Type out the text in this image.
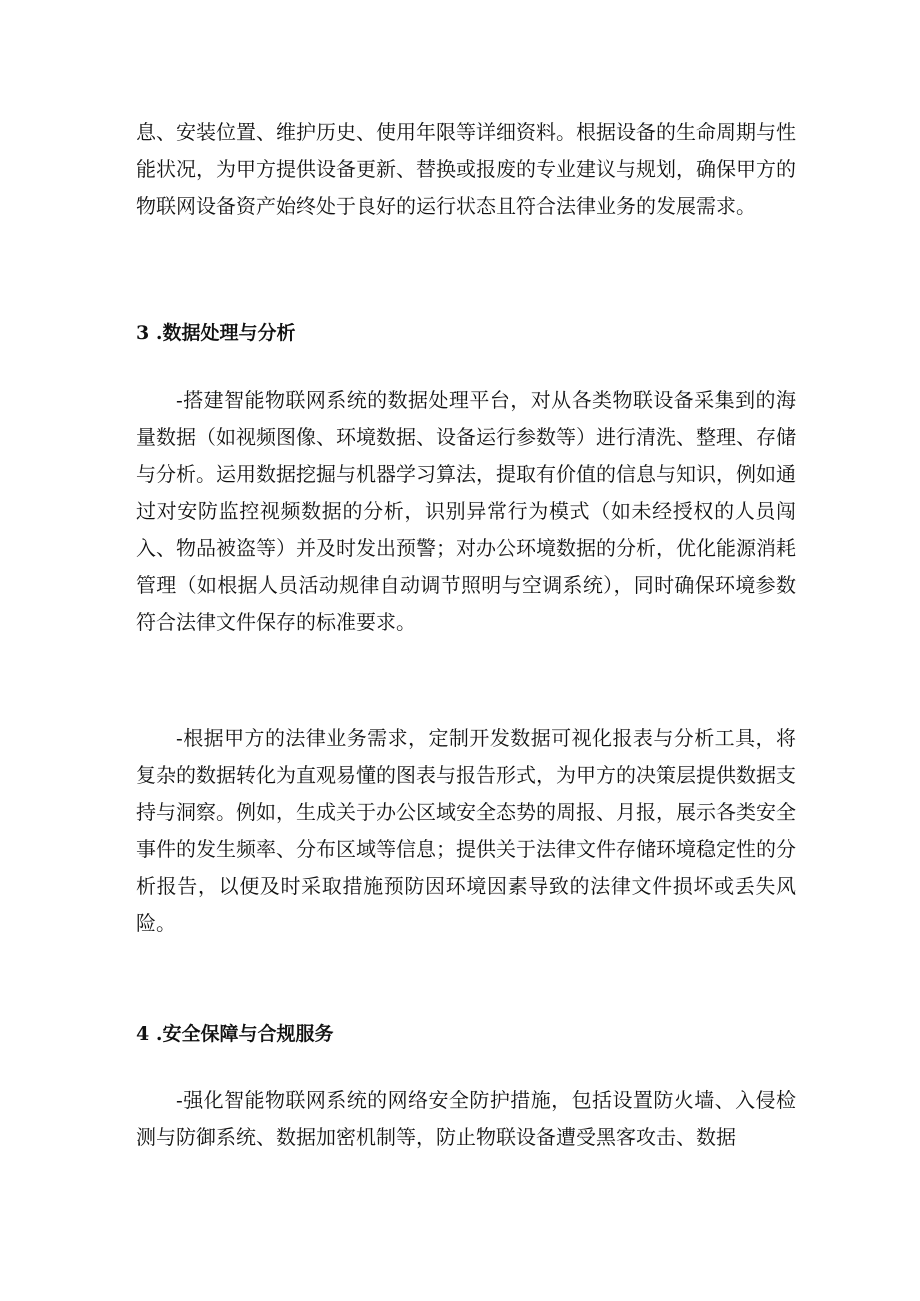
息、安装位置、维护历史、使用年限等详细资料。根据设备的生命周期与性能状况，为甲方提供设备更新、替换或报废的专业建议与规划，确保甲方的物联网设备资产始终处于良好的运行状态且符合法律业务的发展需求。

3 .数据处理与分析

-搭建智能物联网系统的数据处理平台，对从各类物联设备采集到的海量数据（如视频图像、环境数据、设备运行参数等）进行清洗、整理、存储与分析。运用数据挖掘与机器学习算法，提取有价值的信息与知识，例如通过对安防监控视频数据的分析，识别异常行为模式（如未经授权的人员闯入、物品被盗等）并及时发出预警；对办公环境数据的分析，优化能源消耗管理（如根据人员活动规律自动调节照明与空调系统），同时确保环境参数符合法律文件保存的标准要求。

-根据甲方的法律业务需求，定制开发数据可视化报表与分析工具，将复杂的数据转化为直观易懂的图表与报告形式，为甲方的决策层提供数据支持与洞察。例如，生成关于办公区域安全态势的周报、月报，展示各类安全事件的发生频率、分布区域等信息；提供关于法律文件存储环境稳定性的分析报告，以便及时采取措施预防因环境因素导致的法律文件损坏或丢失风险。

4 .安全保障与合规服务

-强化智能物联网系统的网络安全防护措施，包括设置防火墙、入侵检测与防御系统、数据加密机制等，防止物联设备遭受黑客攻击、数据
